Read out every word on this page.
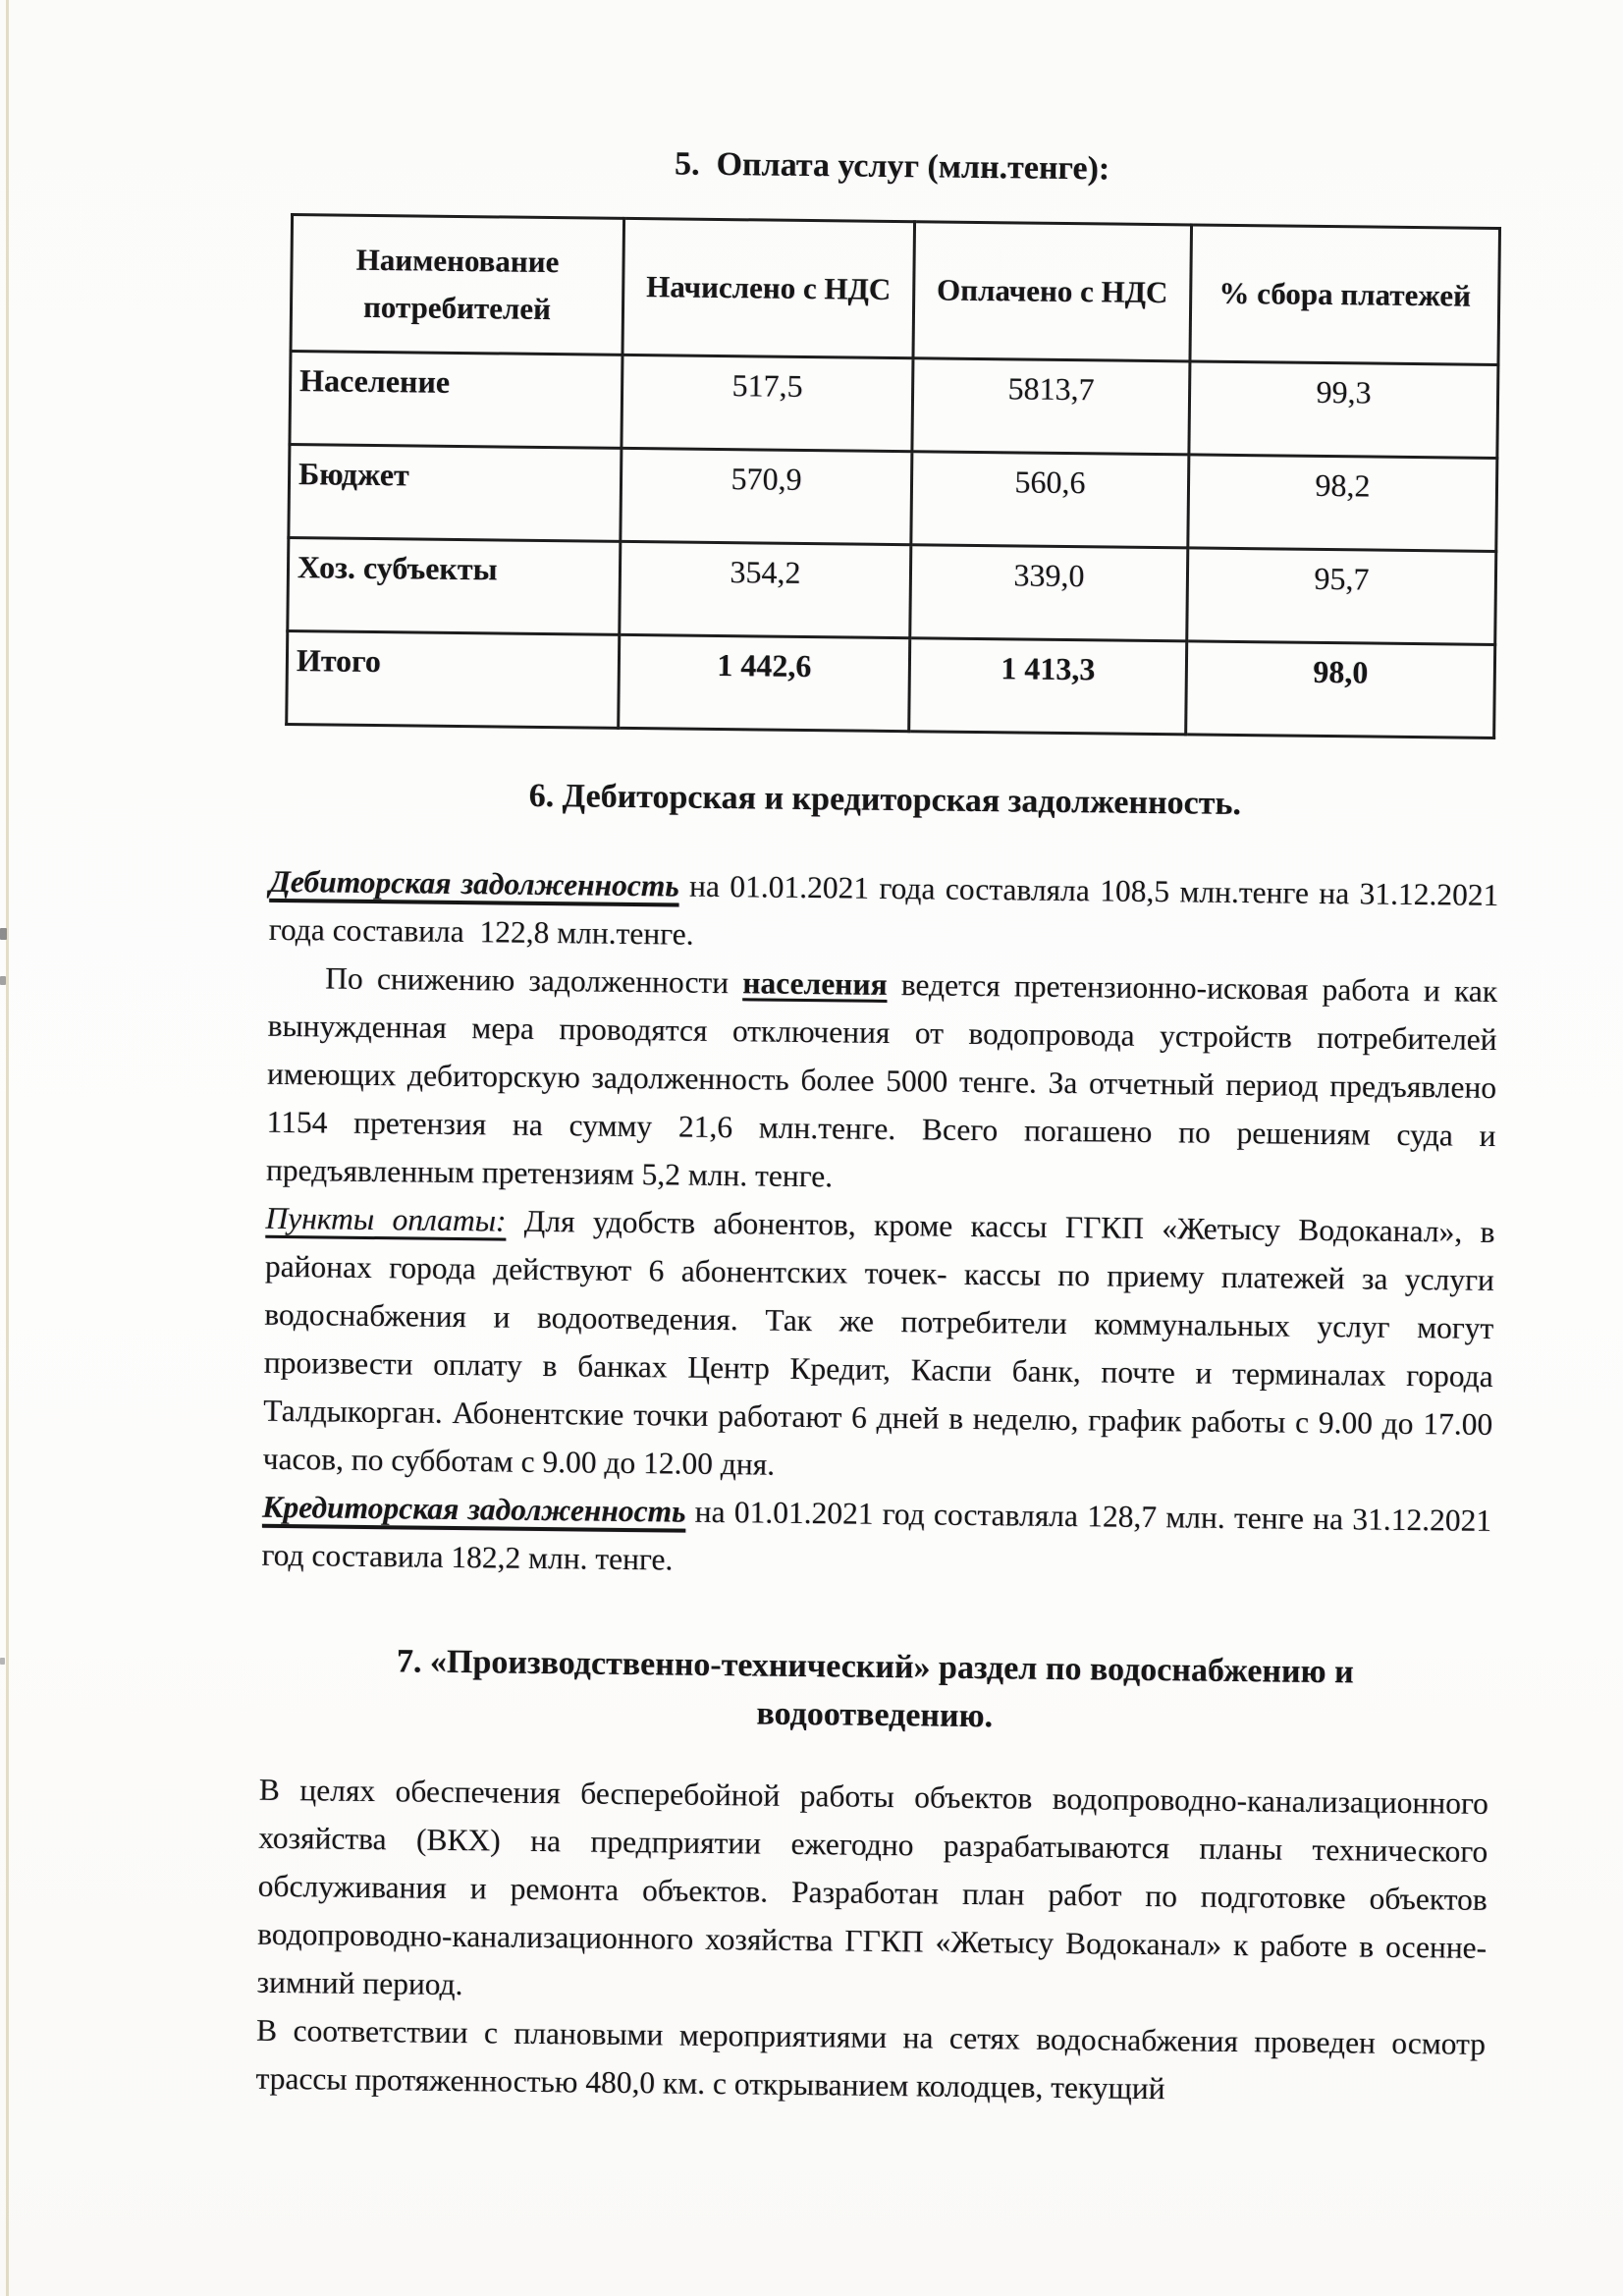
5.  Оплата услуг (млн.тенге):
Наименование потребителей	Начислено с НДС	Оплачено с НДС	% сбора платежей
Население	517,5	5813,7	99,3
Бюджет	570,9	560,6	98,2
Хоз. субъекты	354,2	339,0	95,7
Итого	1 442,6	1 413,3	98,0
6. Дебиторская и кредиторская задолженность.

Дебиторская задолженность на 01.01.2021 года составляла 108,5 млн.тенге на 31.12.2021 года составила  122,8 млн.тенге.

По снижению задолженности населения ведется претензионно-исковая работа и как вынужденная мера проводятся отключения от водопровода устройств потребителей имеющих дебиторскую задолженность более 5000 тенге. За отчетный период предъявлено 1154 претензия на сумму 21,6 млн.тенге. Всего погашено по решениям суда и предъявленным претензиям 5,2 млн. тенге.

Пункты оплаты: Для удобств абонентов, кроме кассы ГГКП «Жетысу Водоканал», в районах города действуют 6 абонентских точек- кассы по приему платежей за услуги водоснабжения и водоотведения. Так же потребители коммунальных услуг могут произвести оплату в банках Центр Кредит, Каспи банк, почте и терминалах города Талдыкорган. Абонентские точки работают 6 дней в неделю, график работы с 9.00 до 17.00 часов, по субботам с 9.00 до 12.00 дня.

Кредиторская задолженность на 01.01.2021 год составляла 128,7 млн. тенге на 31.12.2021 год составила 182,2 млн. тенге.

7. «Производственно-технический» раздел по водоснабжению и водоотведению.

В целях обеспечения бесперебойной работы объектов водопроводно-канализационного хозяйства (ВКХ) на предприятии ежегодно разрабатываются планы технического обслуживания и ремонта объектов. Разработан план работ по подготовке объектов водопроводно-канализационного хозяйства ГГКП «Жетысу Водоканал» к работе в осенне-зимний период.

В соответствии с плановыми мероприятиями на сетях водоснабжения проведен осмотр трассы протяженностью 480,0 км. с открыванием колодцев, текущий
